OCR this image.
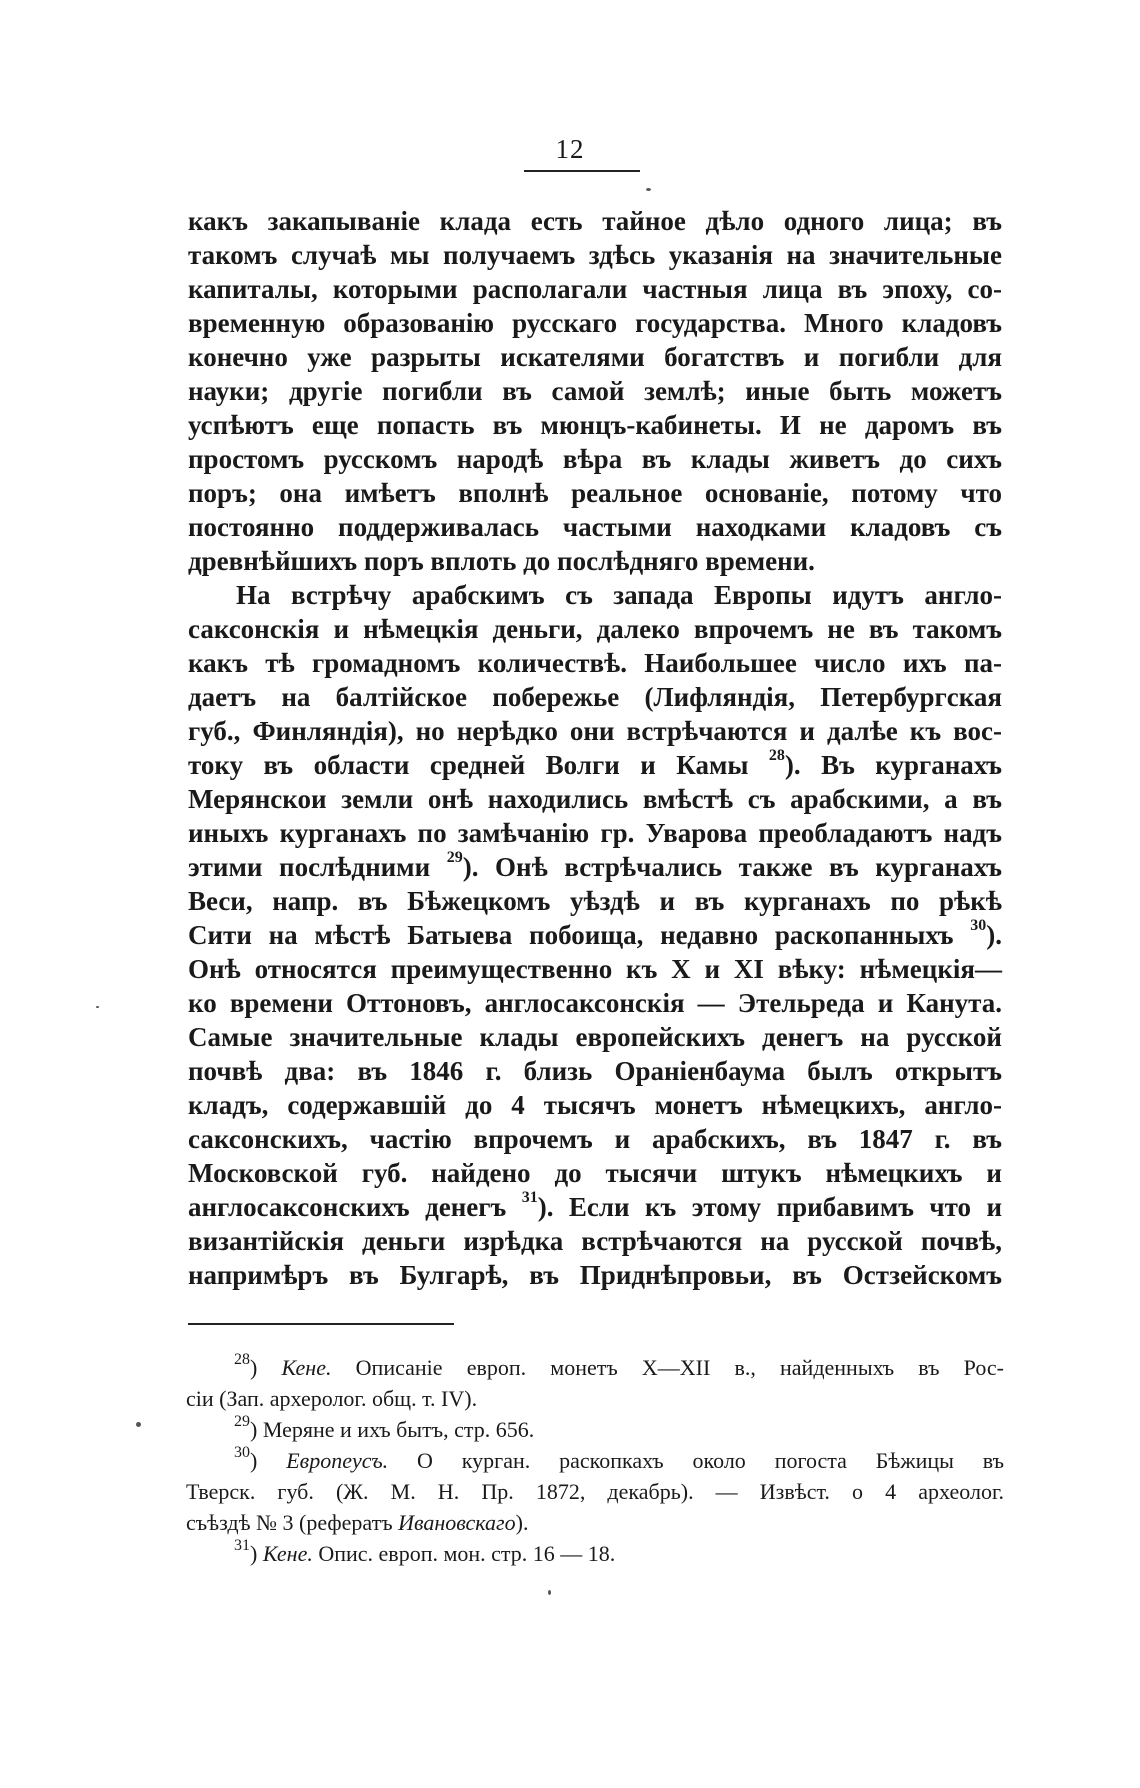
12
какъ закапываніе клада есть тайное дѣло одного лица; въ
такомъ случаѣ мы получаемъ здѣсь указанія на значительные
капиталы, которыми располагали частныя лица въ эпоху, со-
временную образованію русскаго государства. Много кладовъ
конечно уже разрыты искателями богатствъ и погибли для
науки; другіе погибли въ самой землѣ; иные быть можетъ
успѣютъ еще попасть въ мюнцъ-кабинеты. И не даромъ въ
простомъ русскомъ народѣ вѣра въ клады живетъ до сихъ
поръ; она имѣетъ вполнѣ реальное основаніе, потому что
постоянно поддерживалась частыми находками кладовъ съ
древнѣйшихъ поръ вплоть до послѣдняго времени.
На встрѣчу арабскимъ съ запада Европы идутъ англо-
саксонскія и нѣмецкія деньги, далеко впрочемъ не въ такомъ
какъ тѣ громадномъ количествѣ. Наибольшее число ихъ па-
даетъ на балтійское побережье (Лифляндія, Петербургская
губ., Финляндія), но нерѣдко они встрѣчаются и далѣе къ вос-
току въ области средней Волги и Камы $^{28}$). Въ курганахъ
Мерянскои земли онѣ находились вмѣстѣ съ арабскими, а въ
иныхъ курганахъ по замѣчанію гр. Уварова преобладаютъ надъ
этими послѣдними $^{29}$). Онѣ встрѣчались также въ курганахъ
Веси, напр. въ Бѣжецкомъ уѣздѣ и въ курганахъ по рѣкѣ
Сити на мѣстѣ Батыева побоища, недавно раскопанныхъ $^{30}$).
Онѣ относятся преимущественно къ X и XI вѣку: нѣмецкія—
ко времени Оттоновъ, англосаксонскія — Этельреда и Канута.
Самые значительные клады европейскихъ денегъ на русской
почвѣ два: въ 1846 г. близь Ораніенбаума былъ открытъ
кладъ, содержавшій до 4 тысячъ монетъ нѣмецкихъ, англо-
саксонскихъ, частію впрочемъ и арабскихъ, въ 1847 г. въ
Московской губ. найдено до тысячи штукъ нѣмецкихъ и
англосаксонскихъ денегъ $^{31}$). Если къ этому прибавимъ что и
византійскія деньги изрѣдка встрѣчаются на русской почвѣ,
напримѣръ въ Булгарѣ, въ Приднѣпровьи, въ Остзейскомъ
$^{28}$) Кене. Описаніе европ. монетъ X—XII в., найденныхъ въ Рос-
сіи (Зап. археролог. общ. т. IV).
$^{29}$) Меряне и ихъ бытъ, стр. 656.
$^{30}$) Европеусъ. О курган. раскопкахъ около погоста Бѣжицы въ
Тверск. губ. (Ж. М. Н. Пр. 1872, декабрь). — Извѣст. о 4 археолог.
съѣздѣ № 3 (рефератъ Ивановскаго).
$^{31}$) Кене. Опис. европ. мон. стр. 16 — 18.
